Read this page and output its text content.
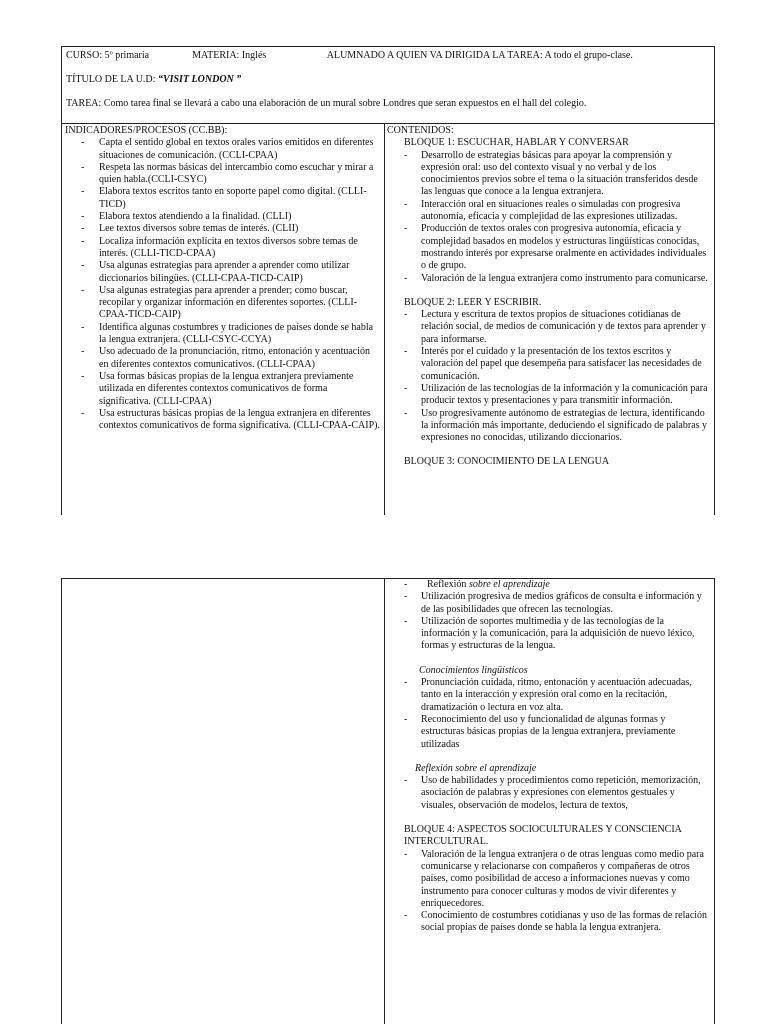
CURSO: 5º primaria	MATERIA: Inglés	ALUMNADO A QUIEN VA DIRIGIDA LA TAREA: A todo el grupo-clase.
TÍTULO DE LA U.D: “VISIT LONDON ”
TAREA: Como tarea final se llevará a cabo una elaboración de un mural sobre Londres que seran expuestos en el hall del colegio.
INDICADORES/PROCESOS (CC.BB):
- Capta el sentido global en textos orales varios emitidos en diferentes situaciones de comunicación. (CCLI-CPAA)
- Respeta las normas básicas del intercambio como escuchar y mirar a quien habla.(CCLI-CSYC)
- Elabora textos escritos tanto en soporte papel como digital. (CLLI-TICD)
- Elabora textos atendiendo a la finalidad. (CLLI)
- Lee textos diversos sobre temas de interés. (CLII)
- Localiza información explícita en textos diversos sobre temas de interés. (CLLI-TICD-CPAA)
- Usa algunas estrategias para aprender a aprender como utilizar diccionarios bilingües. (CLLI-CPAA-TICD-CAIP)
- Usa algunas estrategias para aprender a prender; como buscar, recopilar y organizar información en diferentes soportes. (CLLI-CPAA-TICD-CAIP)
- Identifica algunas costumbres y tradiciones de países donde se habla la lengua extranjera. (CLLI-CSYC-CCYA)
- Uso adecuado de la pronunciación, ritmo, entonación y acentuación en diferentes contextos comunicativos. (CLLI-CPAA)
- Usa formas básicas propias de la lengua extranjera previamente utilizada en diferentes contextos comunicativos de forma significativa. (CLLI-CPAA)
- Usa estructuras básicas propias de la lengua extranjera en diferentes contextos comunicativos de forma significativa. (CLLI-CPAA-CAIP).
CONTENIDOS:
BLOQUE 1: ESCUCHAR, HABLAR Y CONVERSAR
- Desarrollo de estrategias básicas para apoyar la comprensión y expresión oral: uso del contexto visual y no verbal y de los conocimientos previos sobre el tema o la situación transferidos desde las lenguas que conoce a la lengua extranjera.
- Interacción oral en situaciones reales o simuladas con progresiva autonomía, eficacia y complejidad de las expresiones utilizadas.
- Producción de textos orales con progresiva autonomía, eficacia y complejidad basados en modelos y estructuras lingüísticas conocidas, mostrando interés por expresarse oralmente en actividades individuales o de grupo.
- Valoración de la lengua extranjera como instrumento para comunicarse.
BLOQUE 2: LEER Y ESCRIBIR.
- Lectura y escritura de textos propios de situaciones cotidianas de relación social, de medios de comunicación y de textos para aprender y para informarse.
- Interés por el cuidado y la presentación de los textos escritos y valoración del papel que desempeña para satisfacer las necesidades de comunicación.
- Utilización de las tecnologías de la información y la comunicación para producir textos y presentaciones y para transmitir información.
- Uso progresivamente autónomo de estrategias de lectura, identificando la información más importante, deduciendo el significado de palabras y expresiones no conocidas, utilizando diccionarios.
BLOQUE 3: CONOCIMIENTO DE LA LENGUA
- Reflexión sobre el aprendizaje
- Utilización progresiva de medios gráficos de consulta e información y de las posibilidades que ofrecen las tecnologías.
- Utilización de soportes multimedia y de las tecnologías de la información y la comunicación, para la adquisición de nuevo léxico, formas y estructuras de la lengua.
Conocimientos lingüísticos
- Pronunciación cuidada, ritmo, entonación y acentuación adecuadas, tanto en la interacción y expresión oral como en la recitación, dramatización o lectura en voz alta.
- Reconocimiento del uso y funcionalidad de algunas formas y estructuras básicas propias de la lengua extranjera, previamente utilizadas
Reflexión sobre el aprendizaje
- Uso de habilidades y procedimientos como repetición, memorización, asociación de palabras y expresiones con elementos gestuales y visuales, observación de modelos, lectura de textos,
BLOQUE 4: ASPECTOS SOCIOCULTURALES Y CONSCIENCIA INTERCULTURAL.
- Valoración de la lengua extranjera o de otras lenguas como medio para comunicarse y relacionarse con compañeros y compañeras de otros países, como posibilidad de acceso a informaciones nuevas y como instrumento para conocer culturas y modos de vivir diferentes y enriquecedores.
- Conocimiento de costumbres cotidianas y uso de las formas de relación social propias de países donde se habla la lengua extranjera.
